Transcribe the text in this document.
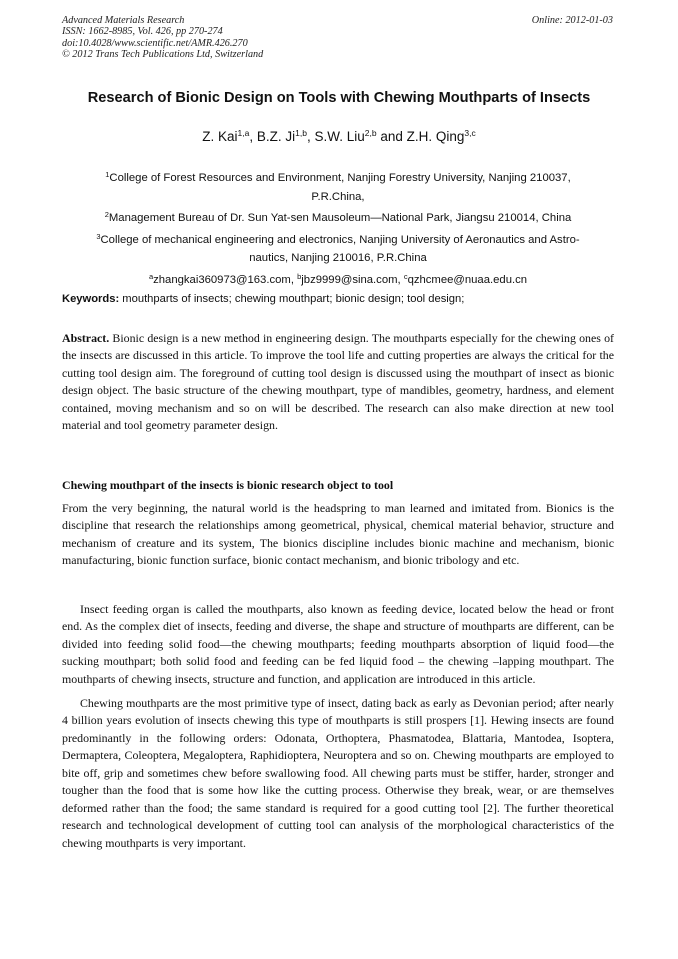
Advanced Materials Research
ISSN: 1662-8985, Vol. 426, pp 270-274
doi:10.4028/www.scientific.net/AMR.426.270
© 2012 Trans Tech Publications Ltd, Switzerland
Online: 2012-01-03
Research of Bionic Design on Tools with Chewing Mouthparts of Insects
Z. Kai$^{1,a}$, B.Z. Ji$^{1,b}$, S.W. Liu$^{2,b}$ and Z.H. Qing$^{3,c}$
$^1$College of Forest Resources and Environment, Nanjing Forestry University, Nanjing 210037,
P.R.China,
$^2$Management Bureau of Dr. Sun Yat-sen Mausoleum—National Park, Jiangsu 210014, China
$^3$College of mechanical engineering and electronics, Nanjing University of Aeronautics and Astro-
nautics, Nanjing 210016, P.R.China
$^a$zhangkai360973@163.com, $^b$jbz9999@sina.com, $^c$qzhcmee@nuaa.edu.cn
Keywords: mouthparts of insects; chewing mouthpart; bionic design; tool design;
Abstract. Bionic design is a new method in engineering design. The mouthparts especially for the chewing ones of the insects are discussed in this article. To improve the tool life and cutting properties are always the critical for the cutting tool design aim. The foreground of cutting tool design is discussed using the mouthpart of insect as bionic design object. The basic structure of the chewing mouthpart, type of mandibles, geometry, hardness, and element contained, moving mechanism and so on will be described. The research can also make direction at new tool material and tool geometry parameter design.
Chewing mouthpart of the insects is bionic research object to tool
From the very beginning, the natural world is the headspring to man learned and imitated from. Bionics is the discipline that research the relationships among geometrical, physical, chemical material behavior, structure and mechanism of creature and its system, The bionics discipline includes bionic machine and mechanism, bionic manufacturing, bionic function surface, bionic contact mechanism, and bionic tribology and etc.
Insect feeding organ is called the mouthparts, also known as feeding device, located below the head or front end. As the complex diet of insects, feeding and diverse, the shape and structure of mouthparts are different, can be divided into feeding solid food—the chewing mouthparts; feeding mouthparts absorption of liquid food—the sucking mouthpart; both solid food and feeding can be fed liquid food – the chewing –lapping mouthpart. The mouthparts of chewing insects, structure and function, and application are introduced in this article.
Chewing mouthparts are the most primitive type of insect, dating back as early as Devonian period; after nearly 4 billion years evolution of insects chewing this type of mouthparts is still prospers [1]. Hewing insects are found predominantly in the following orders: Odonata, Orthoptera, Phasmatodea, Blattaria, Mantodea, Isoptera, Dermaptera, Coleoptera, Megaloptera, Raphidioptera, Neuroptera and so on. Chewing mouthparts are employed to bite off, grip and sometimes chew before swallowing food. All chewing parts must be stiffer, harder, stronger and tougher than the food that is some how like the cutting process. Otherwise they break, wear, or are themselves deformed rather than the food; the same standard is required for a good cutting tool [2]. The further theoretical research and technological development of cutting tool can analysis of the morphological characteristics of the chewing mouthparts is very important.
